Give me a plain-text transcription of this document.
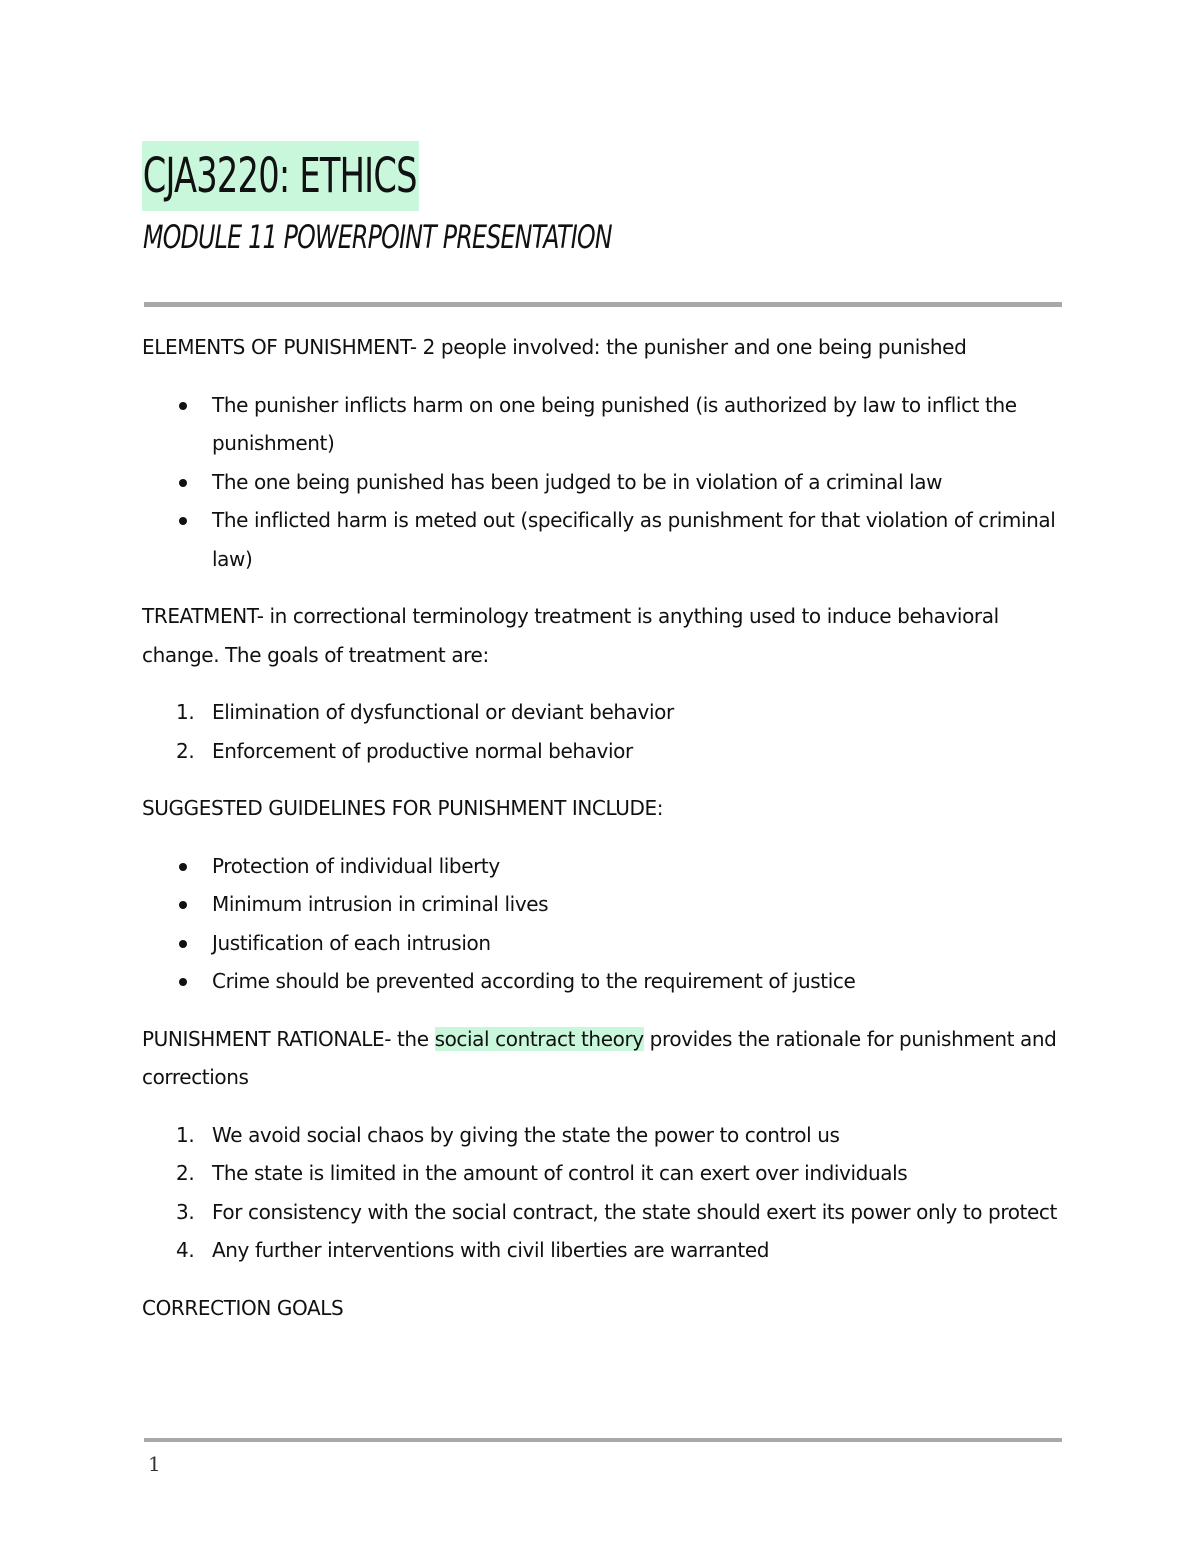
CJA3220: ETHICS
MODULE 11 POWERPOINT PRESENTATION

ELEMENTS OF PUNISHMENT- 2 people involved: the punisher and one being punished

The punisher inflicts harm on one being punished (is authorized by law to inflict the punishment)
The one being punished has been judged to be in violation of a criminal law
The inflicted harm is meted out (specifically as punishment for that violation of criminal law)

TREATMENT- in correctional terminology treatment is anything used to induce behavioral change. The goals of treatment are:

1. Elimination of dysfunctional or deviant behavior
2. Enforcement of productive normal behavior

SUGGESTED GUIDELINES FOR PUNISHMENT INCLUDE:

Protection of individual liberty
Minimum intrusion in criminal lives
Justification of each intrusion
Crime should be prevented according to the requirement of justice

PUNISHMENT RATIONALE- the social contract theory provides the rationale for punishment and corrections

1. We avoid social chaos by giving the state the power to control us
2. The state is limited in the amount of control it can exert over individuals
3. For consistency with the social contract, the state should exert its power only to protect
4. Any further interventions with civil liberties are warranted

CORRECTION GOALS

1
